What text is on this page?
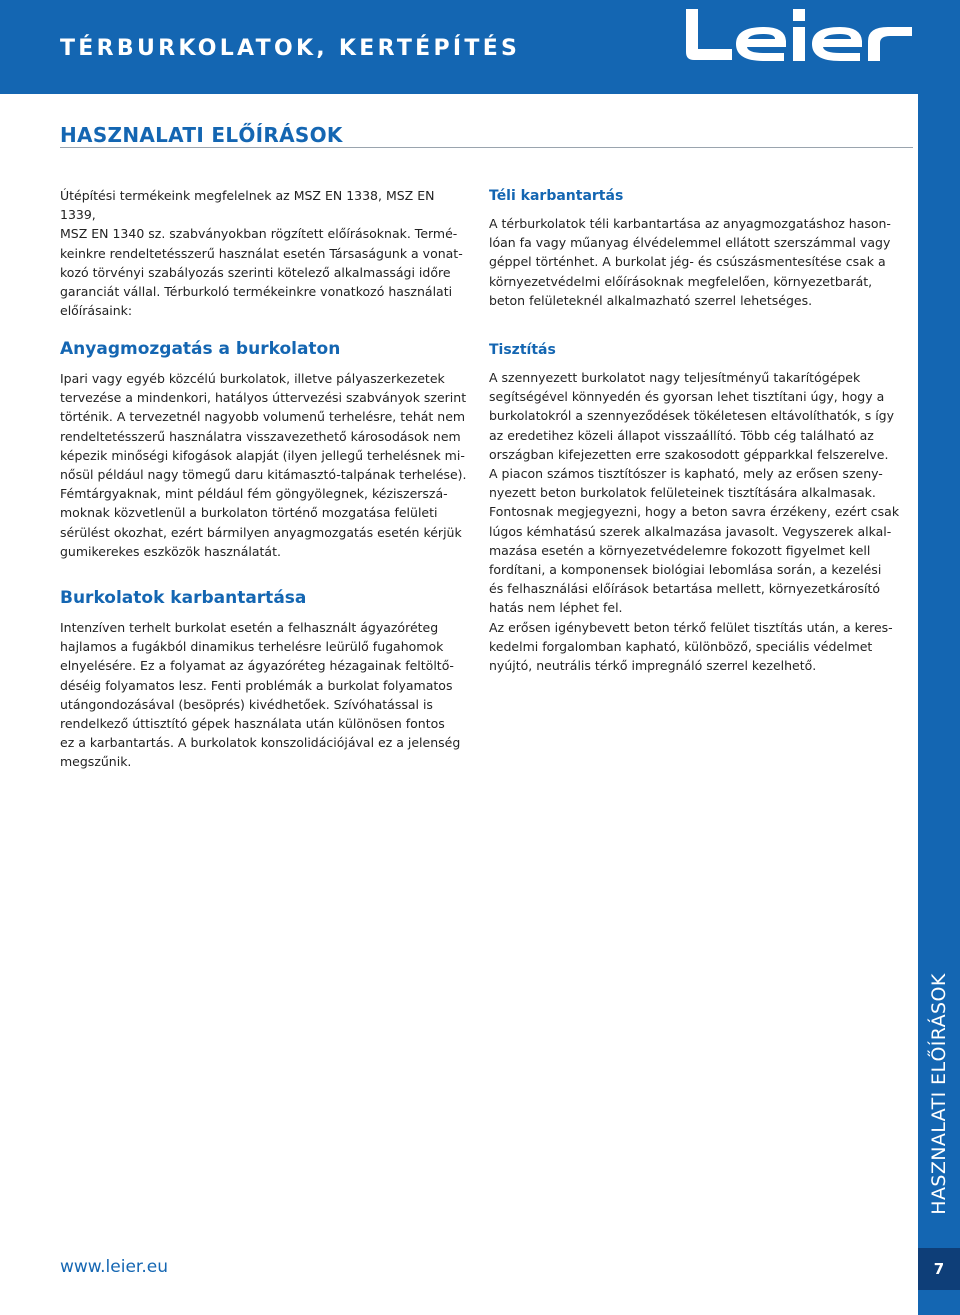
TÉRBURKOLATOK, KERTÉPÍTÉS
HASZNALATI ELŐÍRÁSOK

Útépítési termékeink megfelelnek az MSZ EN 1338, MSZ EN 1339,

MSZ EN 1340 sz. szabványokban rögzített előírásoknak. Termé-

keinkre rendeltetésszerű használat esetén Társaságunk a vonat-

kozó törvényi szabályozás szerinti kötelező alkalmassági időre

garanciát vállal. Térburkoló termékeinkre vonatkozó használati

előírásaink:

Anyagmozgatás a burkolaton

Ipari vagy egyéb közcélú burkolatok, illetve pályaszerkezetek

tervezése a mindenkori, hatályos úttervezési szabványok szerint

történik. A tervezetnél nagyobb volumenű terhelésre, tehát nem

rendeltetésszerű használatra visszavezethető károsodások nem

képezik minőségi kifogások alapját (ilyen jellegű terhelésnek mi-

nősül például nagy tömegű daru kitámasztó-talpának terhelése).

Fémtárgyaknak, mint például fém göngyölegnek, kéziszerszá-

moknak közvetlenül a burkolaton történő mozgatása felületi

sérülést okozhat, ezért bármilyen anyagmozgatás esetén kérjük

gumikerekes eszközök használatát.

Burkolatok karbantartása

Intenzíven terhelt burkolat esetén a felhasznált ágyazóréteg

hajlamos a fugákból dinamikus terhelésre leürülő fugahomok

elnyelésére. Ez a folyamat az ágyazóréteg hézagainak feltöltő-

déséig folyamatos lesz. Fenti problémák a burkolat folyamatos

utángondozásával (besöprés) kivédhetőek. Szívóhatással is

rendelkező úttisztító gépek használata után különösen fontos

ez a karbantartás. A burkolatok konszolidációjával ez a jelenség

megszűnik.

Téli karbantartás

A térburkolatok téli karbantartása az anyagmozgatáshoz hason-

lóan fa vagy műanyag élvédelemmel ellátott szerszámmal vagy

géppel történhet. A burkolat jég- és csúszásmentesítése csak a

környezetvédelmi előírásoknak megfelelően, környezetbarát,

beton felületeknél alkalmazható szerrel lehetséges.

Tisztítás

A szennyezett burkolatot nagy teljesítményű takarítógépek

segítségével könnyedén és gyorsan lehet tisztítani úgy, hogy a

burkolatokról a szennyeződések tökéletesen eltávolíthatók, s így

az eredetihez közeli állapot visszaállító. Több cég található az

országban kifejezetten erre szakosodott gépparkkal felszerelve.

A piacon számos tisztítószer is kapható, mely az erősen szeny-

nyezett beton burkolatok felületeinek tisztítására alkalmasak.

Fontosnak megjegyezni, hogy a beton savra érzékeny, ezért csak

lúgos kémhatású szerek alkalmazása javasolt. Vegyszerek alkal-

mazása esetén a környezetvédelemre fokozott figyelmet kell

fordítani, a komponensek biológiai lebomlása során, a kezelési

és felhasználási előírások betartása mellett, környezetkárosító

hatás nem léphet fel.

Az erősen igénybevett beton térkő felület tisztítás után, a keres-

kedelmi forgalomban kapható, különböző, speciális védelmet

nyújtó, neutrális térkő impregnáló szerrel kezelhető.

HASZNALATI ELŐÍRÁSOK
7
www.leier.eu
